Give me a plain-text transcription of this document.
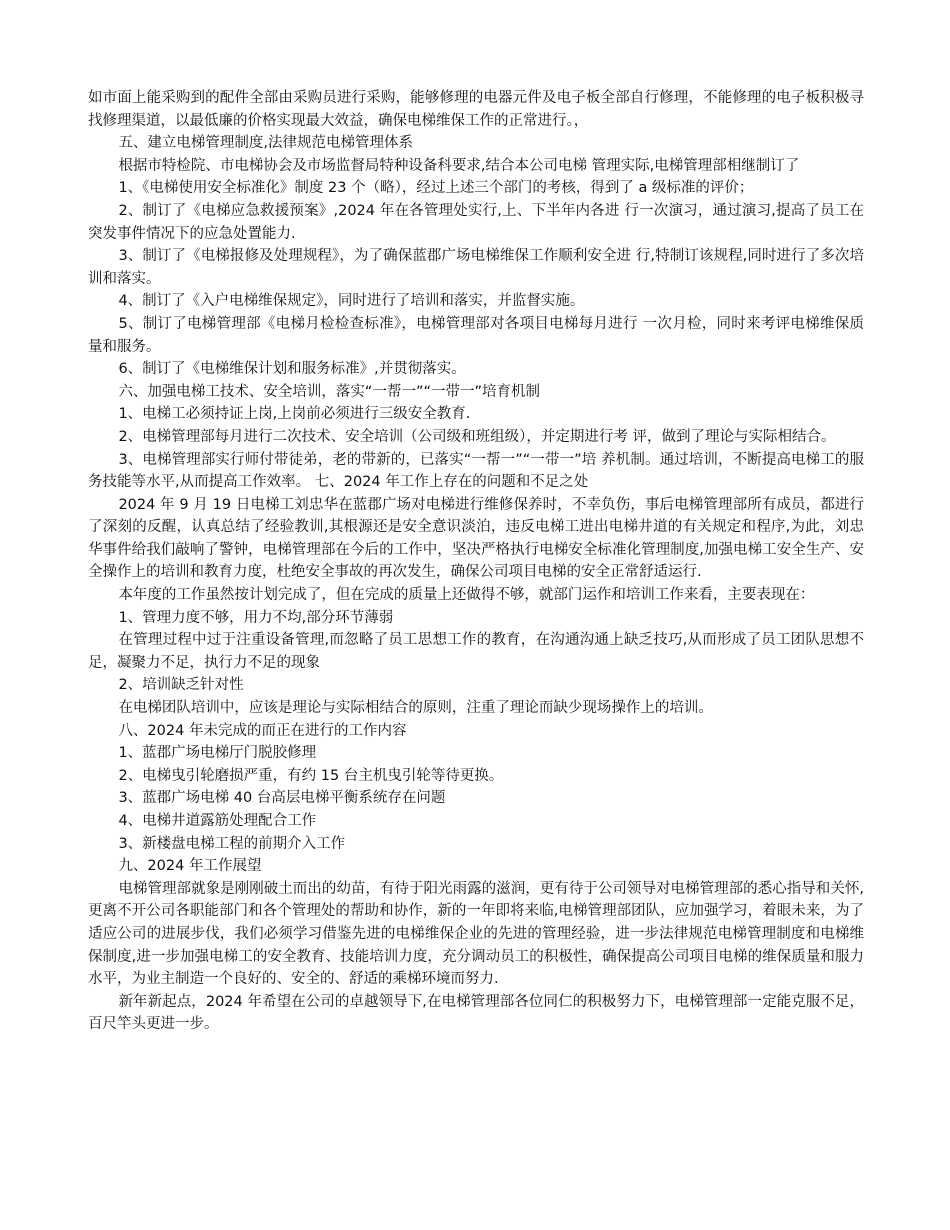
如市面上能采购到的配件全部由采购员进行采购，能够修理的电器元件及电子板全部自行修理，不能修理的电子板积极寻找修理渠道，以最低廉的价格实现最大效益，确保电梯维保工作的正常进行。，

五、建立电梯管理制度,法律规范电梯管理体系

根据市特检院、市电梯协会及市场监督局特种设备科要求,结合本公司电梯 管理实际,电梯管理部相继制订了

1、《电梯使用安全标准化》制度 23 个（略），经过上述三个部门的考核，得到了 a 级标准的评价；

2、制订了《电梯应急救援预案》,2024 年在各管理处实行,上、下半年内各进 行一次演习，通过演习,提高了员工在突发事件情况下的应急处置能力.

3、制订了《电梯报修及处理规程》，为了确保蓝郡广场电梯维保工作顺利安全进 行,特制订该规程,同时进行了多次培训和落实。

4、制订了《入户电梯维保规定》，同时进行了培训和落实，并监督实施。

5、制订了电梯管理部《电梯月检检查标准》，电梯管理部对各项目电梯每月进行 一次月检，同时来考评电梯维保质量和服务。

6、制订了《电梯维保计划和服务标准》,并贯彻落实。

六、加强电梯工技术、安全培训，落实“一帮一”“一带一”培育机制

1、电梯工必须持证上岗,上岗前必须进行三级安全教育.

2、电梯管理部每月进行二次技术、安全培训（公司级和班组级），并定期进行考 评，做到了理论与实际相结合。

3、电梯管理部实行师付带徒弟，老的带新的，已落实“一帮一”“一带一”培 养机制。通过培训，不断提高电梯工的服务技能等水平,从而提高工作效率。 七、2024 年工作上存在的问题和不足之处

2024 年 9 月 19 日电梯工刘忠华在蓝郡广场对电梯进行维修保养时，不幸负伤，事后电梯管理部所有成员，都进行了深刻的反醒，认真总结了经验教训,其根源还是安全意识淡泊，违反电梯工进出电梯井道的有关规定和程序,为此，刘忠华事件给我们敲响了警钟，电梯管理部在今后的工作中，坚决严格执行电梯安全标准化管理制度,加强电梯工安全生产、安全操作上的培训和教育力度，杜绝安全事故的再次发生，确保公司项目电梯的安全正常舒适运行.

本年度的工作虽然按计划完成了，但在完成的质量上还做得不够，就部门运作和培训工作来看，主要表现在：

1、管理力度不够，用力不均,部分环节薄弱

在管理过程中过于注重设备管理,而忽略了员工思想工作的教育，在沟通沟通上缺乏技巧,从而形成了员工团队思想不足，凝聚力不足，执行力不足的现象

2、培训缺乏针对性

在电梯团队培训中，应该是理论与实际相结合的原则，注重了理论而缺少现场操作上的培训。

八、2024 年未完成的而正在进行的工作内容

1、蓝郡广场电梯厅门脱胶修理

2、电梯曳引轮磨损严重，有约 15 台主机曳引轮等待更换。

3、蓝郡广场电梯 40 台高层电梯平衡系统存在问题

4、电梯井道露筋处理配合工作

3、新楼盘电梯工程的前期介入工作

九、2024 年工作展望

电梯管理部就象是刚刚破土而出的幼苗，有待于阳光雨露的滋润，更有待于公司领导对电梯管理部的悉心指导和关怀,更离不开公司各职能部门和各个管理处的帮助和协作，新的一年即将来临,电梯管理部团队，应加强学习，着眼未来，为了适应公司的进展步伐，我们必须学习借鉴先进的电梯维保企业的先进的管理经验，进一步法律规范电梯管理制度和电梯维保制度,进一步加强电梯工的安全教育、技能培训力度，充分调动员工的积极性，确保提高公司项目电梯的维保质量和服力水平，为业主制造一个良好的、安全的、舒适的乘梯环境而努力.

新年新起点，2024 年希望在公司的卓越领导下,在电梯管理部各位同仁的积极努力下，电梯管理部一定能克服不足，百尺竿头更进一步。
